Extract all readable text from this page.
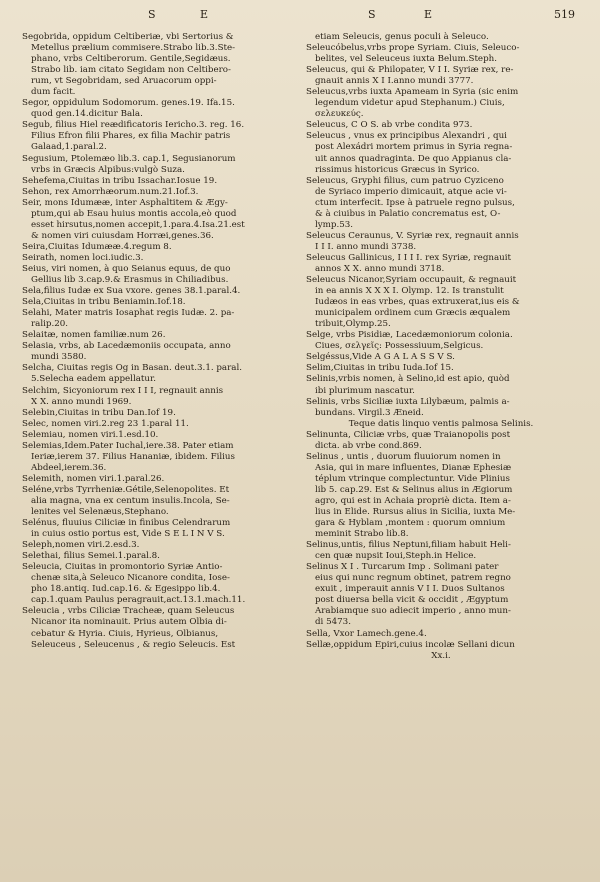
S	E	S	E	519
Segobrida, oppidum Celtiberiæ, vbi Sertorius &
Metellus prælium commisere.Strabo lib.3.Ste-
phano, vrbs Celtiberorum. Gentile,Segidæus.
Strabo lib. iam citato Segidam non Celtibero-
rum, vt Segobridam, sed Aruacorum oppi-
dum facit.
Segor, oppidulum Sodomorum. genes.19. Ifa.15.
quod gen.14.dicitur Bala.
Segub, filius Hiel reædificatoris Iericho.3. reg. 16.
Filius Efron filii Phares, ex filia Machir patris
Galaad,1.paral.2.
Segusium, Ptolemæo lib.3. cap.1, Segusianorum
vrbs in Græcis Alpibus:vulgò Suza.
Sehefema,Ciuitas in tribu Issachar.Iosue 19.
Sehon, rex Amorrhæorum.num.21.Iof.3.
Seir, mons Idumææ, inter Asphaltitem & Ægy-
ptum,qui ab Esau huius montis accola,eò quod
esset hirsutus,nomen accepit,1.para.4.Isa.21.est
& nomen viri cuiusdam Horræi,genes.36.
Seira,Ciuitas Idumææ.4.regum 8.
Seirath, nomen loci.iudic.3.
Seius, viri nomen, à quo Seianus equus, de quo
Gellius lib 3.cap.9.& Erasmus in Chiliadibus.
Sela,filius Iudæ ex Sua vxore. genes 38.1.paral.4.
Sela,Ciuitas in tribu Beniamin.Iof.18.
Selahi, Mater matris Iosaphat regis Iudæ. 2. pa-
ralip.20.
Selaitæ, nomen familiæ.num 26.
Selasia, vrbs, ab Lacedæmoniis occupata, anno
mundi 3580.
Selcha, Ciuitas regis Og in Basan. deut.3.1. paral.
5.Selecha eadem appellatur.
Selchim, Sicyoniorum rex I I I, regnauit annis
X X. anno mundi 1969.
Selebin,Ciuitas in tribu Dan.Iof 19.
Selec, nomen viri.2.reg 23 1.paral 11.
Selemiau, nomen viri.1.esd.10.
Selemias,Idem.Pater Iuchal,iere.38. Pater etiam
Ieriæ,ierem 37. Filius Hananiæ, ibidem. Filius
Abdeel,ierem.36.
Selemith, nomen viri.1.paral.26.
Seléne,vrbs Tyrrheniæ.Gétile,Selenopolites. Et
alia magna, vna ex centum insulis.Incola, Se-
lenites vel Selenæus,Stephano.
Selénus, fluuius Ciliciæ in finibus Celendrarum
in cuius ostio portus est, Vide S E L I N V S.
Seleph,nomen viri.2.esd.3.
Selethai, filius Semei.1.paral.8.
Seleucia, Ciuitas in promontorio Syriæ Antio-
chenæ sita,à Seleuco Nicanore condita, Iose-
pho 18.antiq. Iud.cap.16. & Egesippo lib.4.
cap.1.quam Paulus peragrauit,act.13.1.mach.11.
Seleucia , vrbs Ciliciæ Tracheæ, quam Seleucus
Nicanor ita nominauit. Prius autem Olbia di-
cebatur & Hyria. Ciuis, Hyrieus, Olbianus,
Seleuceus , Seleucenus , & regio Seleucis. Est
etiam Seleucis, genus poculi à Seleuco.
Seleucóbelus,vrbs prope Syriam. Ciuis, Seleuco-
belites, vel Seleuceus iuxta Belum.Steph.
Seleucus, qui & Philopater, V I I. Syriæ rex, re-
gnauit annis X I I.anno mundi 3777.
Seleucus,vrbs iuxta Apameam in Syria (sic enim
legendum videtur apud Stephanum.) Ciuis,
σελευκεύς.
Seleucus, C O S. ab vrbe condita 973.
Seleucus , vnus ex principibus Alexandri , qui
post Alexádri mortem primus in Syria regna-
uit annos quadraginta. De quo Appianus cla-
rissimus historicus Græcus in Syrico.
Seleucus, Gryphi filius, cum patruo Cyziceno
de Syriaco imperio dimicauit, atque acie vi-
ctum interfecit. Ipse à patruele regno pulsus,
& à ciuibus in Palatio concrematus est, O-
lymp.53.
Seleucus Ceraunus, V. Syriæ rex, regnauit annis
I I I. anno mundi 3738.
Seleucus Gallinicus, I I I I. rex Syriæ, regnauit
annos X X. anno mundi 3718.
Seleucus Nicanor,Syriam occupauit, & regnauit
in ea annis X X X I. Olymp. 12. Is transtulit
Iudæos in eas vrbes, quas extruxerat,ius eis &
municipalem ordinem cum Græcis æqualem
tribuit,Olymp.25.
Selge, vrbs Pisidiæ, Lacedæmoniorum colonia.
Ciues, σελγεῖς: Possessiuum,Selgicus.
Selgéssus,Vide A G A L A S S V S.
Selim,Ciuitas in tribu Iuda.Iof 15.
Selinis,vrbis nomen, à Selino,id est apio, quòd
ibi plurimum nascatur.
Selinis, vrbs Siciliæ iuxta Lilybæum, palmis a-
bundans. Virgil.3 Æneid.
Teque datis linquo ventis palmosa Selinis.
Selinunta, Ciliciæ vrbs, quæ Traianopolis post
dicta. ab vrbe cond.869.
Selinus , untis , duorum fluuiorum nomen in
Asia, qui in mare influentes, Dianæ Ephesiæ
téplum vtrinque complectuntur. Vide Plinius
lib 5. cap.29. Est & Selinus alius in Ægiorum
agro, qui est in Achaia propriè dicta. Item a-
lius in Elide. Rursus alius in Sicilia, iuxta Me-
gara & Hyblam ,montem : quorum omnium
meminit Strabo lib.8.
Selinus,untis, filius Neptuni,filiam habuit Heli-
cen quæ nupsit Ioui,Steph.in Helice.
Selinus X I . Turcarum Imp . Solimani pater
eius qui nunc regnum obtinet, patrem regno
exuit , imperauit annis V I I. Duos Sultanos
post diuersa bella vicit & occidit , Ægyptum
Arabiamque suo adiecit imperio , anno mun-
di 5473.
Sella, Vxor Lamech.gene.4.
Sellæ,oppidum Epiri,cuius incolæ Sellani dicun
Xx.i.
